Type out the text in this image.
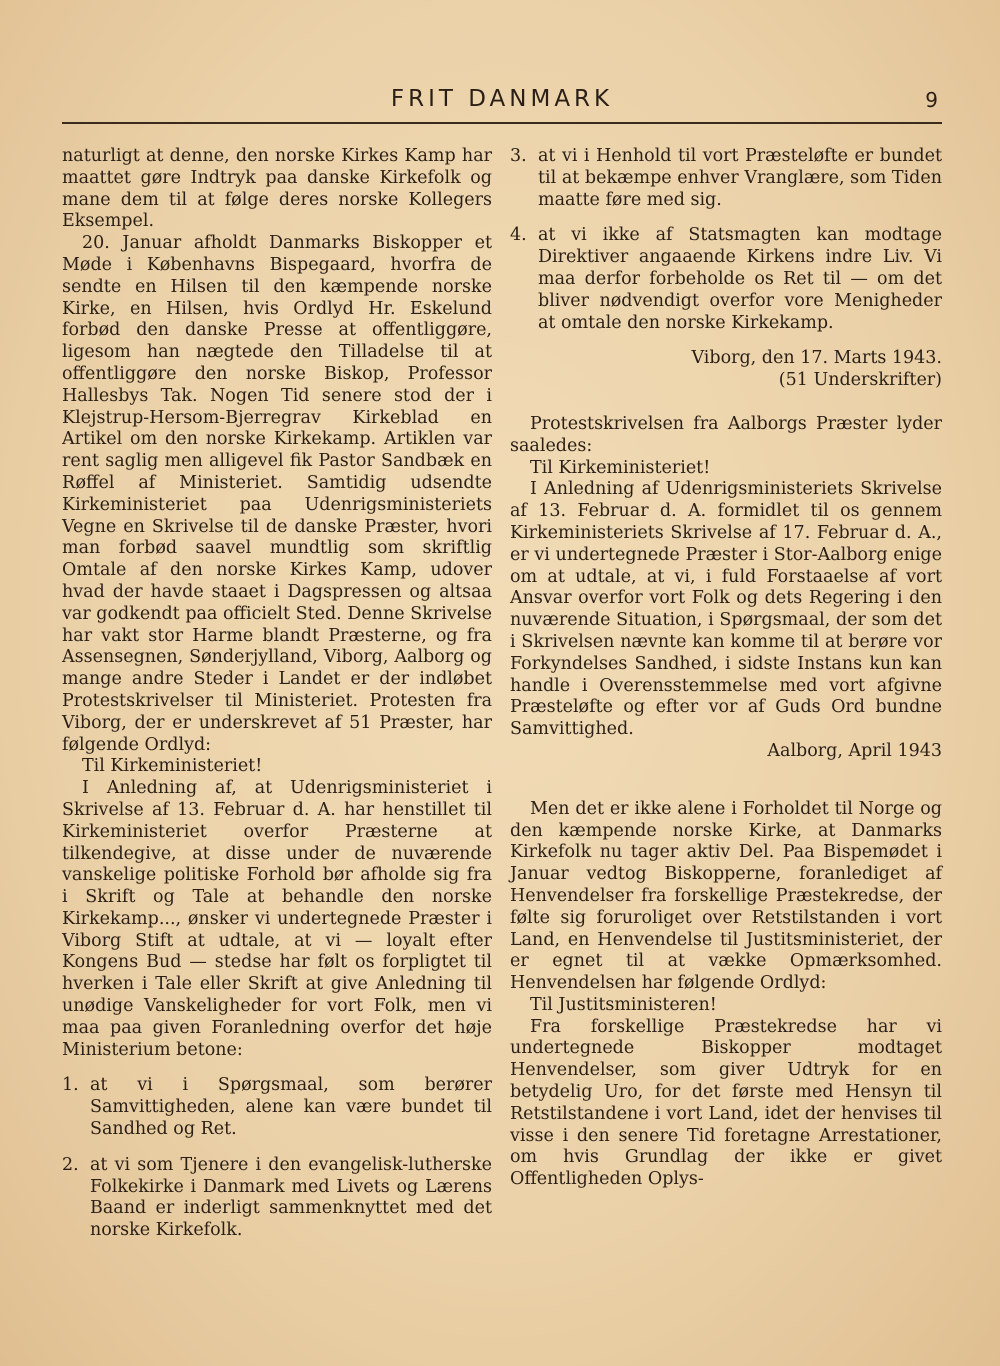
FRIT DANMARK	9

naturligt at denne, den norske Kirkes Kamp har maattet gøre Indtryk paa danske Kirkefolk og mane dem til at følge deres norske Kollegers Eksempel.

20. Januar afholdt Danmarks Biskopper et Møde i Københavns Bispegaard, hvorfra de sendte en Hilsen til den kæmpende norske Kirke, en Hilsen, hvis Ordlyd Hr. Eskelund forbød den danske Presse at offentliggøre, ligesom han nægtede den Tilladelse til at offentliggøre den norske Biskop, Professor Hallesbys Tak. Nogen Tid senere stod der i Klejstrup-Hersom-Bjerregrav Kirkeblad en Artikel om den norske Kirkekamp. Artiklen var rent saglig men alligevel fik Pastor Sandbæk en Røffel af Ministeriet. Samtidig udsendte Kirkeministeriet paa Udenrigsministeriets Vegne en Skrivelse til de danske Præster, hvori man forbød saavel mundtlig som skriftlig Omtale af den norske Kirkes Kamp, udover hvad der havde staaet i Dagspressen og altsaa var godkendt paa officielt Sted. Denne Skrivelse har vakt stor Harme blandt Præsterne, og fra Assensegnen, Sønderjylland, Viborg, Aalborg og mange andre Steder i Landet er der indløbet Protestskrivelser til Ministeriet. Protesten fra Viborg, der er underskrevet af 51 Præster, har følgende Ordlyd:

Til Kirkeministeriet!

I Anledning af, at Udenrigsministeriet i Skrivelse af 13. Februar d. A. har henstillet til Kirkeministeriet overfor Præsterne at tilkendegive, at disse under de nuværende vanskelige politiske Forhold bør afholde sig fra i Skrift og Tale at behandle den norske Kirkekamp..., ønsker vi undertegnede Præster i Viborg Stift at udtale, at vi — loyalt efter Kongens Bud — stedse har følt os forpligtet til hverken i Tale eller Skrift at give Anledning til unødige Vanskeligheder for vort Folk, men vi maa paa given Foranledning overfor det høje Ministerium betone:

1. at vi i Spørgsmaal, som berører Samvittigheden, alene kan være bundet til Sandhed og Ret.
2. at vi som Tjenere i den evangelisk-lutherske Folkekirke i Danmark med Livets og Lærens Baand er inderligt sammenknyttet med det norske Kirkefolk.
3. at vi i Henhold til vort Præsteløfte er bundet til at bekæmpe enhver Vranglære, som Tiden maatte føre med sig.
4. at vi ikke af Statsmagten kan modtage Direktiver angaaende Kirkens indre Liv. Vi maa derfor forbeholde os Ret til — om det bliver nødvendigt overfor vore Menigheder at omtale den norske Kirkekamp.

Viborg, den 17. Marts 1943.

(51 Underskrifter)

Protestskrivelsen fra Aalborgs Præster lyder saaledes:

Til Kirkeministeriet!

I Anledning af Udenrigsministeriets Skrivelse af 13. Februar d. A. formidlet til os gennem Kirkeministeriets Skrivelse af 17. Februar d. A., er vi undertegnede Præster i Stor-Aalborg enige om at udtale, at vi, i fuld Forstaaelse af vort Ansvar overfor vort Folk og dets Regering i den nuværende Situation, i Spørgsmaal, der som det i Skrivelsen nævnte kan komme til at berøre vor Forkyndelses Sandhed, i sidste Instans kun kan handle i Overensstemmelse med vort afgivne Præsteløfte og efter vor af Guds Ord bundne Samvittighed.

Aalborg, April 1943

Men det er ikke alene i Forholdet til Norge og den kæmpende norske Kirke, at Danmarks Kirkefolk nu tager aktiv Del. Paa Bispemødet i Januar vedtog Biskopperne, foranlediget af Henvendelser fra forskellige Præstekredse, der følte sig foruroliget over Retstilstanden i vort Land, en Henvendelse til Justitsministeriet, der er egnet til at vække Opmærksomhed. Henvendelsen har følgende Ordlyd:

Til Justitsministeren!

Fra forskellige Præstekredse har vi undertegnede Biskopper modtaget Henvendelser, som giver Udtryk for en betydelig Uro, for det første med Hensyn til Retstilstandene i vort Land, idet der henvises til visse i den senere Tid foretagne Arrestationer, om hvis Grundlag der ikke er givet Offentligheden Oplys-
